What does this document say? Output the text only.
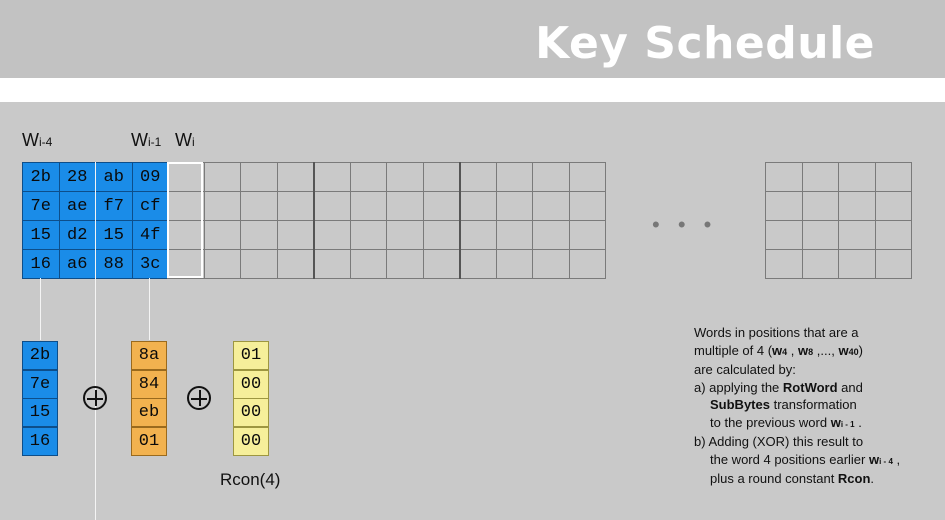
Key Schedule
Wi-4	Wi-1 Wi
2b 28 ab 09
7e ae f7 cf
15 d2 15 4f
16 a6 88 3c
• • •
2b
7e
15
16
8a
84
eb
01
01
00
00
00
Rcon(4)
Words in positions that are a
multiple of 4 (w4 , w8 ,..., w40)
are calculated by:
a) applying the RotWord and
SubBytes transformation
to the previous word wi - 1 .
b) Adding (XOR) this result to
the word 4 positions earlier wi - 4 ,
plus a round constant Rcon.
